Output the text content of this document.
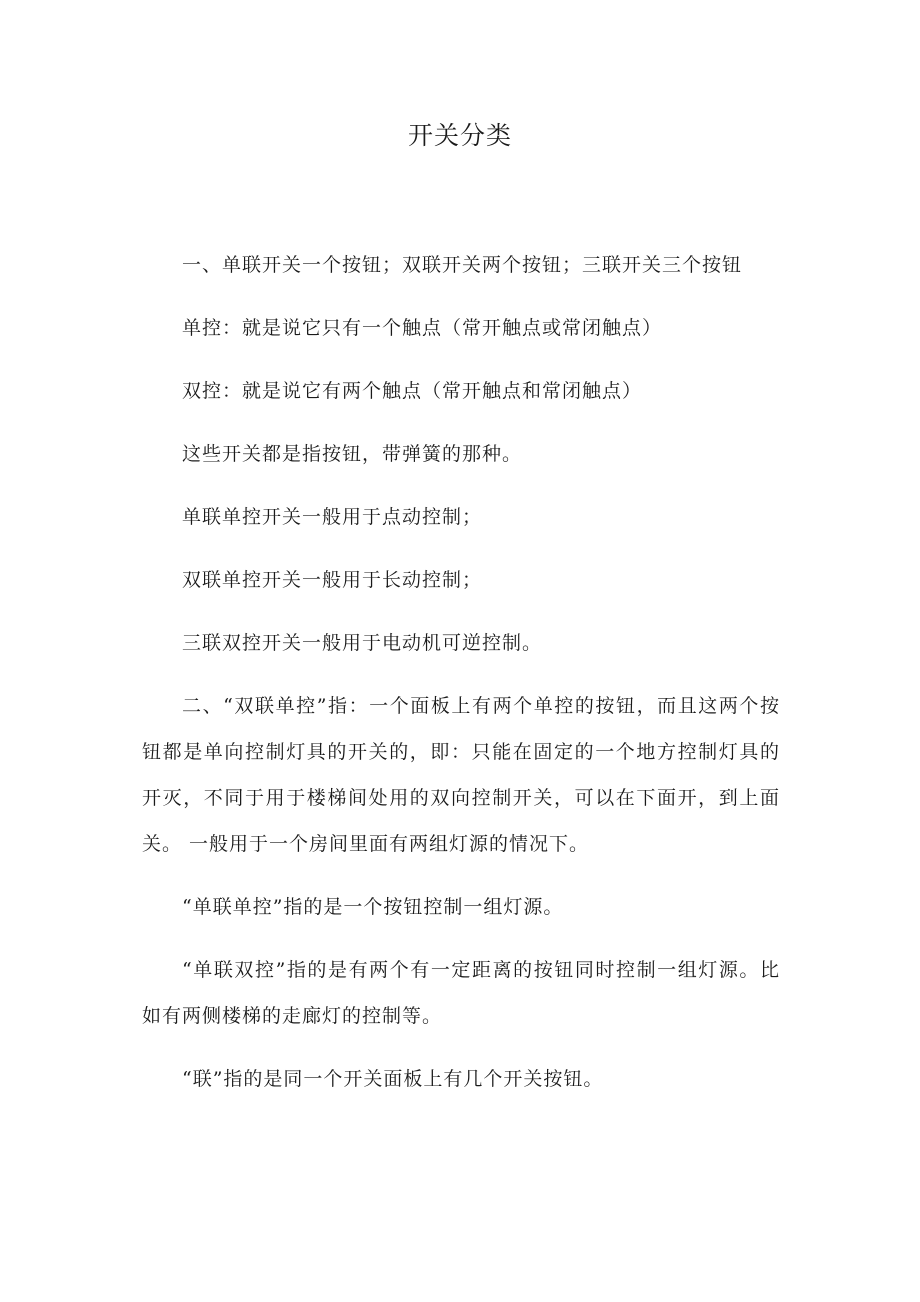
开关分类

一、单联开关一个按钮；双联开关两个按钮；三联开关三个按钮

单控：就是说它只有一个触点（常开触点或常闭触点）

双控：就是说它有两个触点（常开触点和常闭触点）

这些开关都是指按钮，带弹簧的那种。

单联单控开关一般用于点动控制；

双联单控开关一般用于长动控制；

三联双控开关一般用于电动机可逆控制。

二、“双联单控”指：一个面板上有两个单控的按钮，而且这两个按钮都是单向控制灯具的开关的，即：只能在固定的一个地方控制灯具的开灭，不同于用于楼梯间处用的双向控制开关，可以在下面开，到上面关。 一般用于一个房间里面有两组灯源的情况下。

“单联单控”指的是一个按钮控制一组灯源。

“单联双控”指的是有两个有一定距离的按钮同时控制一组灯源。比如有两侧楼梯的走廊灯的控制等。

“联”指的是同一个开关面板上有几个开关按钮。
